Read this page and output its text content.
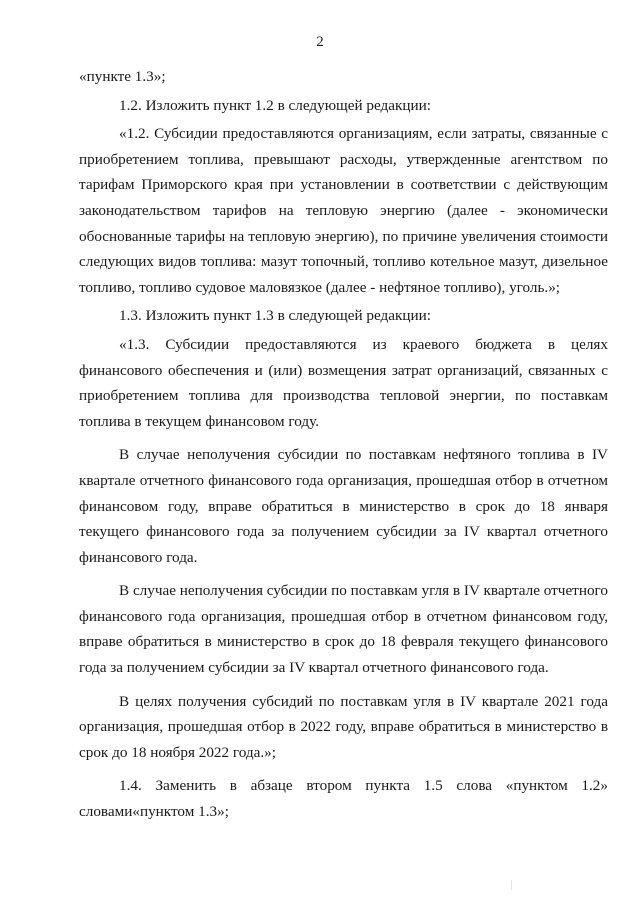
2

«пункте 1.3»;

1.2. Изложить пункт 1.2 в следующей редакции:

«1.2. Субсидии предоставляются организациям, если затраты, связанные с приобретением топлива, превышают расходы, утвержденные агентством по тарифам Приморского края при установлении в соответствии с действующим законодательством тарифов на тепловую энергию (далее - экономически обоснованные тарифы на тепловую энергию), по причине увеличения стоимости следующих видов топлива: мазут топочный, топливо котельное мазут, дизельное топливо, топливо судовое маловязкое (далее - нефтяное топливо), уголь.»;

1.3. Изложить пункт 1.3 в следующей редакции:

«1.3. Субсидии предоставляются из краевого бюджета в целях финансового обеспечения и (или) возмещения затрат организаций, связанных с приобретением топлива для производства тепловой энергии, по поставкам топлива в текущем финансовом году.

В случае неполучения субсидии по поставкам нефтяного топлива в IV квартале отчетного финансового года организация, прошедшая отбор в отчетном финансовом году, вправе обратиться в министерство в срок до 18 января текущего финансового года за получением субсидии за IV квартал отчетного финансового года.

В случае неполучения субсидии по поставкам угля в IV квартале отчетного финансового года организация, прошедшая отбор в отчетном финансовом году, вправе обратиться в министерство в срок до 18 февраля текущего финансового года за получением субсидии за IV квартал отчетного финансового года.

В целях получения субсидий по поставкам угля в IV квартале 2021 года организация, прошедшая отбор в 2022 году, вправе обратиться в министерство в срок до 18 ноября 2022 года.»;

1.4. Заменить в абзаце втором пункта 1.5 слова «пунктом 1.2» словами«пунктом 1.3»;
